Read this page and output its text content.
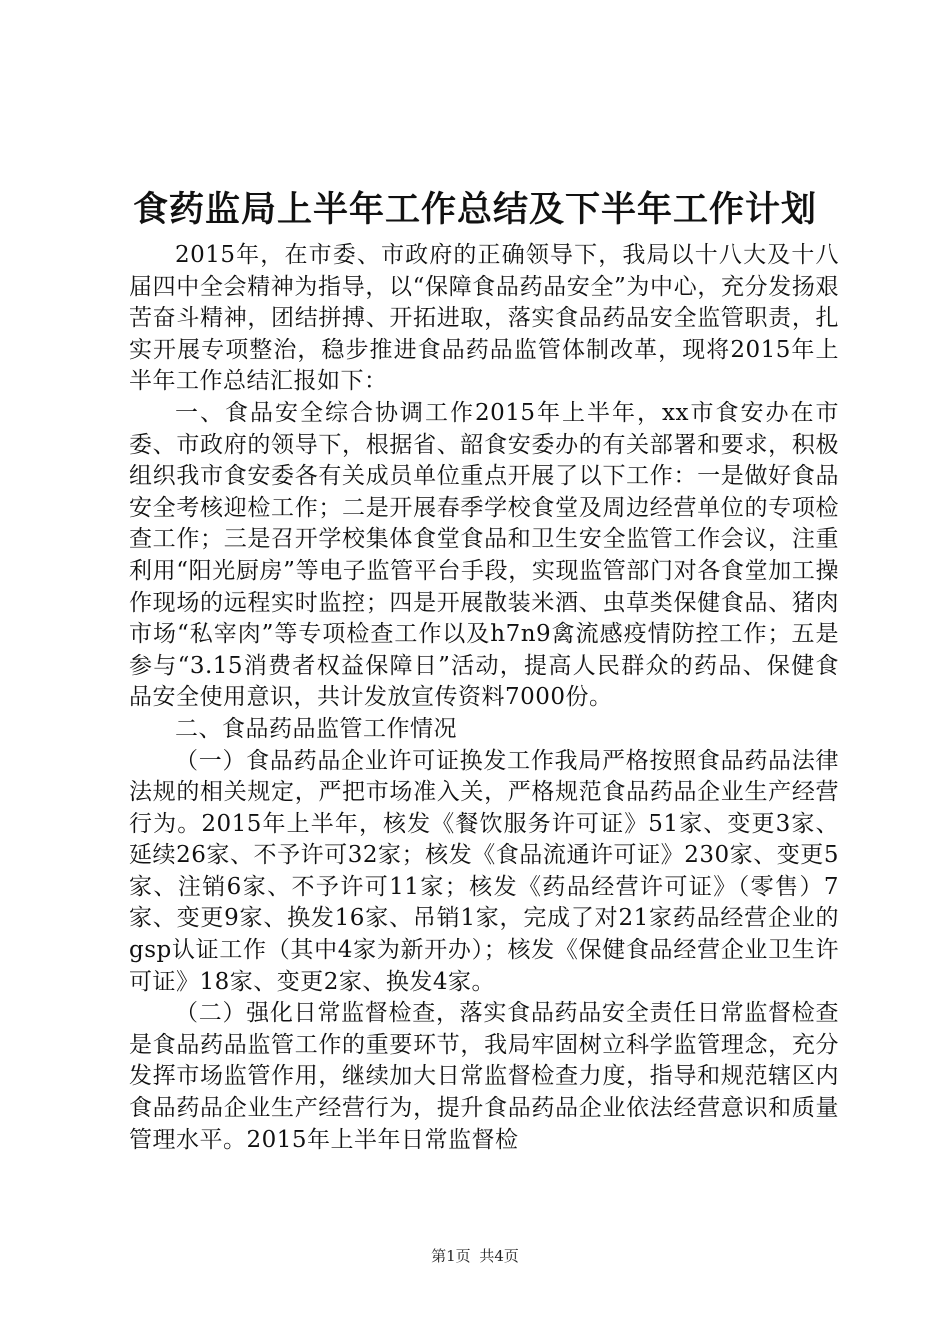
食药监局上半年工作总结及下半年工作计划

2015年，在市委、市政府的正确领导下，我局以十八大及十八届四中全会精神为指导，以“保障食品药品安全”为中心，充分发扬艰苦奋斗精神，团结拼搏、开拓进取，落实食品药品安全监管职责，扎实开展专项整治，稳步推进食品药品监管体制改革，现将2015年上半年工作总结汇报如下：

一、食品安全综合协调工作2015年上半年，xx市食安办在市委、市政府的领导下，根据省、韶食安委办的有关部署和要求，积极组织我市食安委各有关成员单位重点开展了以下工作：一是做好食品安全考核迎检工作；二是开展春季学校食堂及周边经营单位的专项检查工作；三是召开学校集体食堂食品和卫生安全监管工作会议，注重利用“阳光厨房”等电子监管平台手段，实现监管部门对各食堂加工操作现场的远程实时监控；四是开展散装米酒、虫草类保健食品、猪肉市场“私宰肉”等专项检查工作以及h7n9禽流感疫情防控工作；五是参与“3.15消费者权益保障日”活动，提高人民群众的药品、保健食品安全使用意识，共计发放宣传资料7000份。

二、食品药品监管工作情况

（一）食品药品企业许可证换发工作我局严格按照食品药品法律法规的相关规定，严把市场准入关，严格规范食品药品企业生产经营行为。2015年上半年，核发《餐饮服务许可证》51家、变更3家、延续26家、不予许可32家；核发《食品流通许可证》230家、变更5家、注销6家、不予许可11家；核发《药品经营许可证》（零售）7家、变更9家、换发16家、吊销1家，完成了对21家药品经营企业的gsp认证工作（其中4家为新开办）；核发《保健食品经营企业卫生许可证》18家、变更2家、换发4家。

（二）强化日常监督检查，落实食品药品安全责任日常监督检查是食品药品监管工作的重要环节，我局牢固树立科学监管理念，充分发挥市场监管作用，继续加大日常监督检查力度，指导和规范辖区内食品药品企业生产经营行为，提升食品药品企业依法经营意识和质量管理水平。2015年上半年日常监督检

第1页 共4页
